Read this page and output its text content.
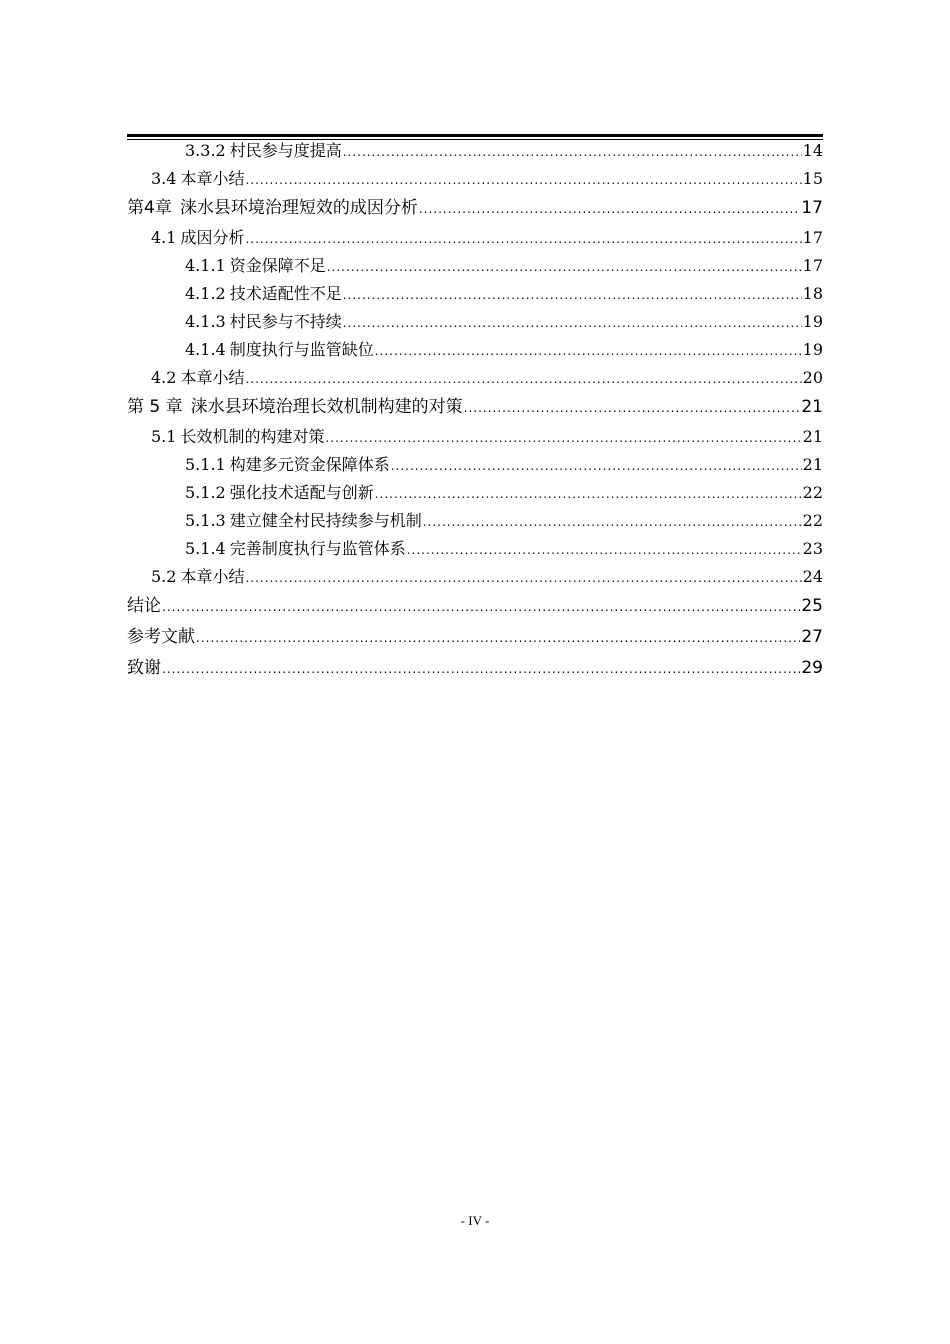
3.3.2 村民参与度提高 .....	14
3.4 本章小结 .....	15
第4章 涞水县环境治理短效的成因分析 .....	17
4.1 成因分析 .....	17
4.1.1 资金保障不足 .....	17
4.1.2 技术适配性不足 .....	18
4.1.3 村民参与不持续 .....	19
4.1.4 制度执行与监管缺位 .....	19
4.2 本章小结 .....	20
第 5 章 涞水县环境治理长效机制构建的对策 .....	21
5.1 长效机制的构建对策 .....	21
5.1.1 构建多元资金保障体系 .....	21
5.1.2 强化技术适配与创新 .....	22
5.1.3 建立健全村民持续参与机制 .....	22
5.1.4 完善制度执行与监管体系 .....	23
5.2 本章小结 .....	24
结论 .....	25
参考文献 .....	27
致谢 .....	29
- IV -
